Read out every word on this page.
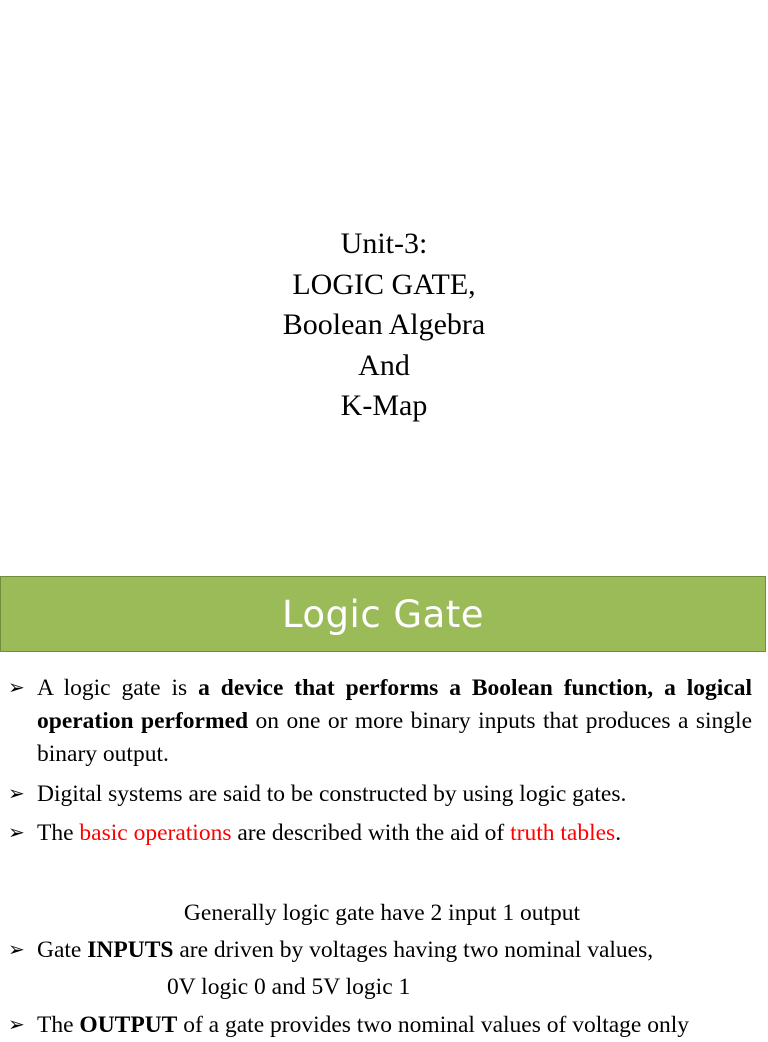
Unit-3:
LOGIC GATE,
Boolean Algebra
And
K-Map
Logic Gate
➢ A logic gate is a device that performs a Boolean function, a logical operation performed on one or more binary inputs that produces a single binary output.
➢ Digital systems are said to be constructed by using logic gates.
➢ The basic operations are described with the aid of truth tables.
Generally logic gate have 2 input 1 output
➢ Gate INPUTS are driven by voltages having two nominal values,
0V logic 0 and 5V logic 1
➢ The OUTPUT of a gate provides two nominal values of voltage only
